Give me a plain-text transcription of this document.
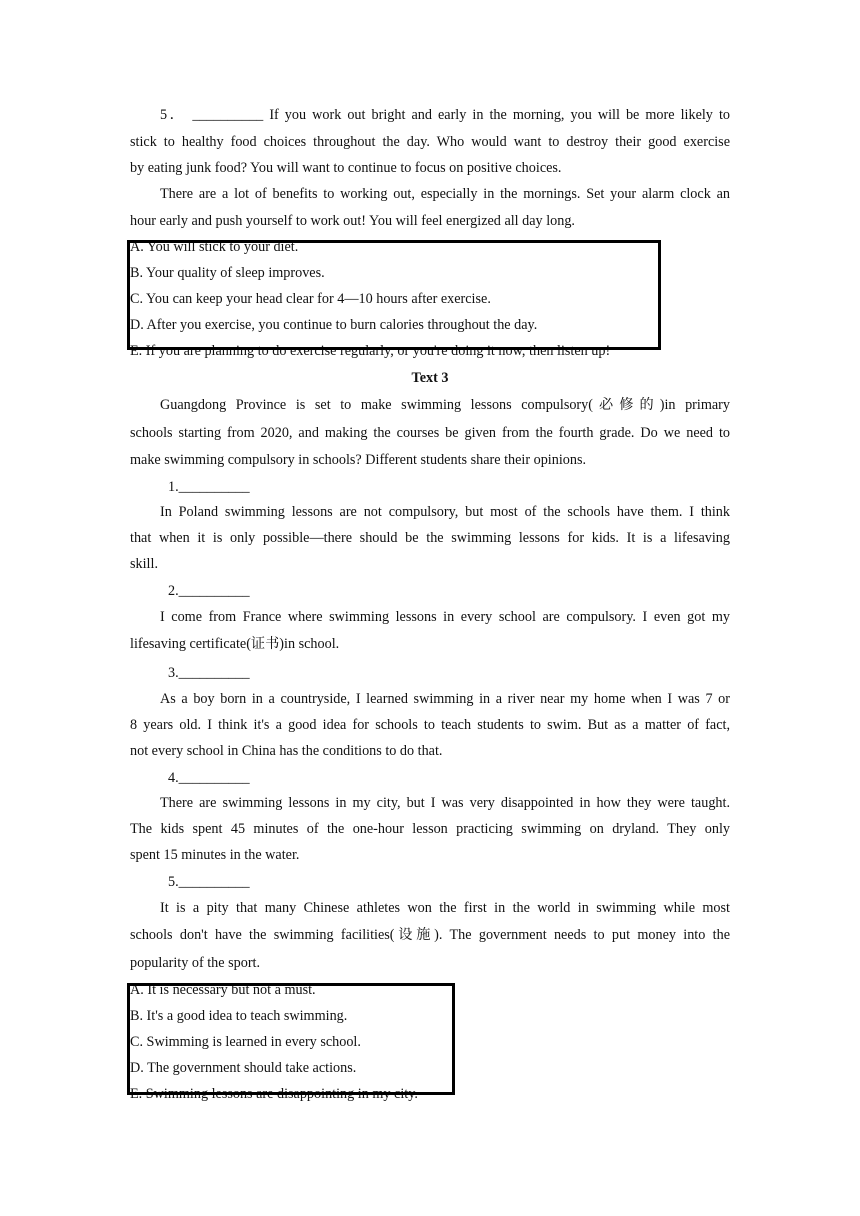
5． __________ If you work out bright and early in the morning, you will be more likely to
stick to healthy food choices throughout the day. Who would want to destroy their good exercise
by eating junk food? You will want to continue to focus on positive choices.
There are a lot of benefits to working out, especially in the mornings. Set your alarm clock an
hour early and push yourself to work out! You will feel energized all day long.
A. You will stick to your diet.
B. Your quality of sleep improves.
C. You can keep your head clear for 4—10 hours after exercise.
D. After you exercise, you continue to burn calories throughout the day.
E. If you are planning to do exercise regularly, or you're doing it now, then listen up!
Text 3
Guangdong Province is set to make swimming lessons compulsory(必修的)in primary
schools starting from 2020, and making the courses be given from the fourth grade. Do we need to
make swimming compulsory in schools? Different students share their opinions.
1.__________
In Poland swimming lessons are not compulsory, but most of the schools have them. I think
that when it is only possible—there should be the swimming lessons for kids. It is a lifesaving
skill.
2.__________
I come from France where swimming lessons in every school are compulsory. I even got my
lifesaving certificate(证书)in school.
3.__________
As a boy born in a countryside, I learned swimming in a river near my home when I was 7 or
8 years old. I think it's a good idea for schools to teach students to swim. But as a matter of fact,
not every school in China has the conditions to do that.
4.__________
There are swimming lessons in my city, but I was very disappointed in how they were taught.
The kids spent 45 minutes of the one-hour lesson practicing swimming on dryland. They only
spent 15 minutes in the water.
5.__________
It is a pity that many Chinese athletes won the first in the world in swimming while most
schools don't have the swimming facilities(设施). The government needs to put money into the
popularity of the sport.
A. It is necessary but not a must.
B. It's a good idea to teach swimming.
C. Swimming is learned in every school.
D. The government should take actions.
E. Swimming lessons are disappointing in my city.
